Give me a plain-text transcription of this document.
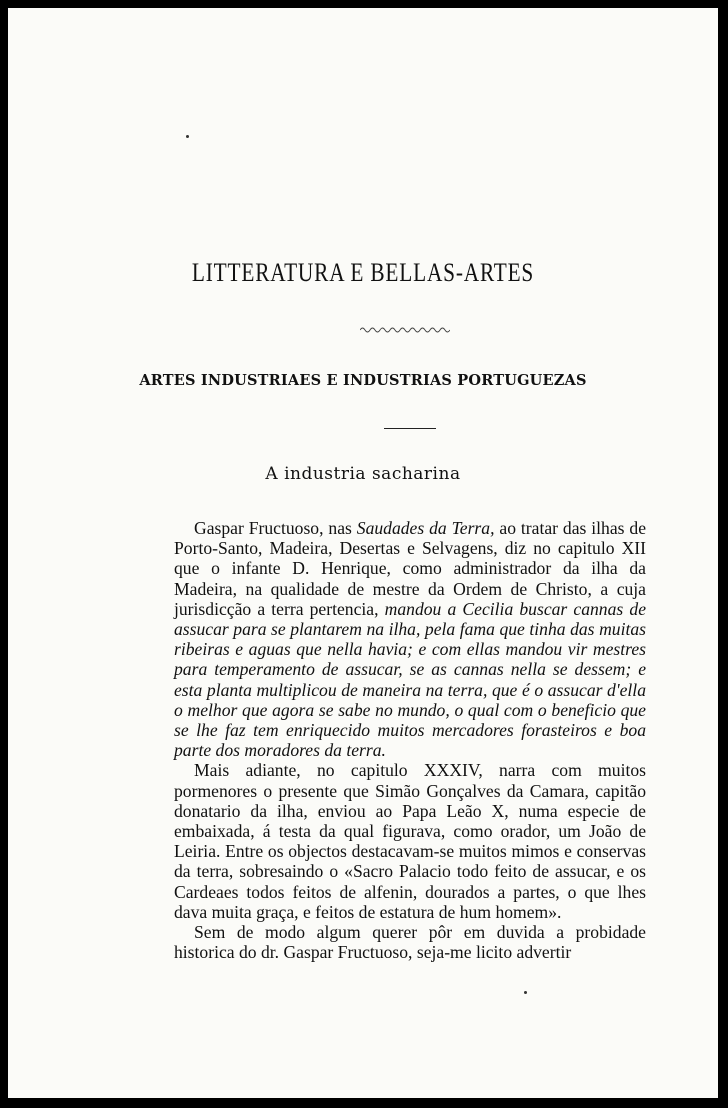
LITTERATURA E BELLAS-ARTES
ARTES INDUSTRIAES E INDUSTRIAS PORTUGUEZAS
A industria sacharina

Gaspar Fructuoso, nas Saudades da Terra, ao tratar das ilhas de Porto-Santo, Madeira, Desertas e Selvagens, diz no capitulo XII que o infante D. Henrique, como administrador da ilha da Madeira, na qualidade de mestre da Ordem de Christo, a cuja jurisdicção a terra pertencia, mandou a Cecilia buscar cannas de assucar para se plantarem na ilha, pela fama que tinha das muitas ribeiras e aguas que nella havia; e com ellas mandou vir mestres para temperamento de assucar, se as cannas nella se dessem; e esta planta multiplicou de maneira na terra, que é o assucar d'ella o melhor que agora se sabe no mundo, o qual com o beneficio que se lhe faz tem enriquecido muitos mercadores forasteiros e boa parte dos moradores da terra.

Mais adiante, no capitulo XXXIV, narra com muitos pormenores o presente que Simão Gonçalves da Camara, capitão donatario da ilha, enviou ao Papa Leão X, numa especie de embaixada, á testa da qual figurava, como orador, um João de Leiria. Entre os objectos destacavam-se muitos mimos e conservas da terra, sobresaindo o «Sacro Palacio todo feito de assucar, e os Cardeaes todos feitos de alfenin, dourados a partes, o que lhes dava muita graça, e feitos de estatura de hum homem».

Sem de modo algum querer pôr em duvida a probidade historica do dr. Gaspar Fructuoso, seja-me licito advertir
